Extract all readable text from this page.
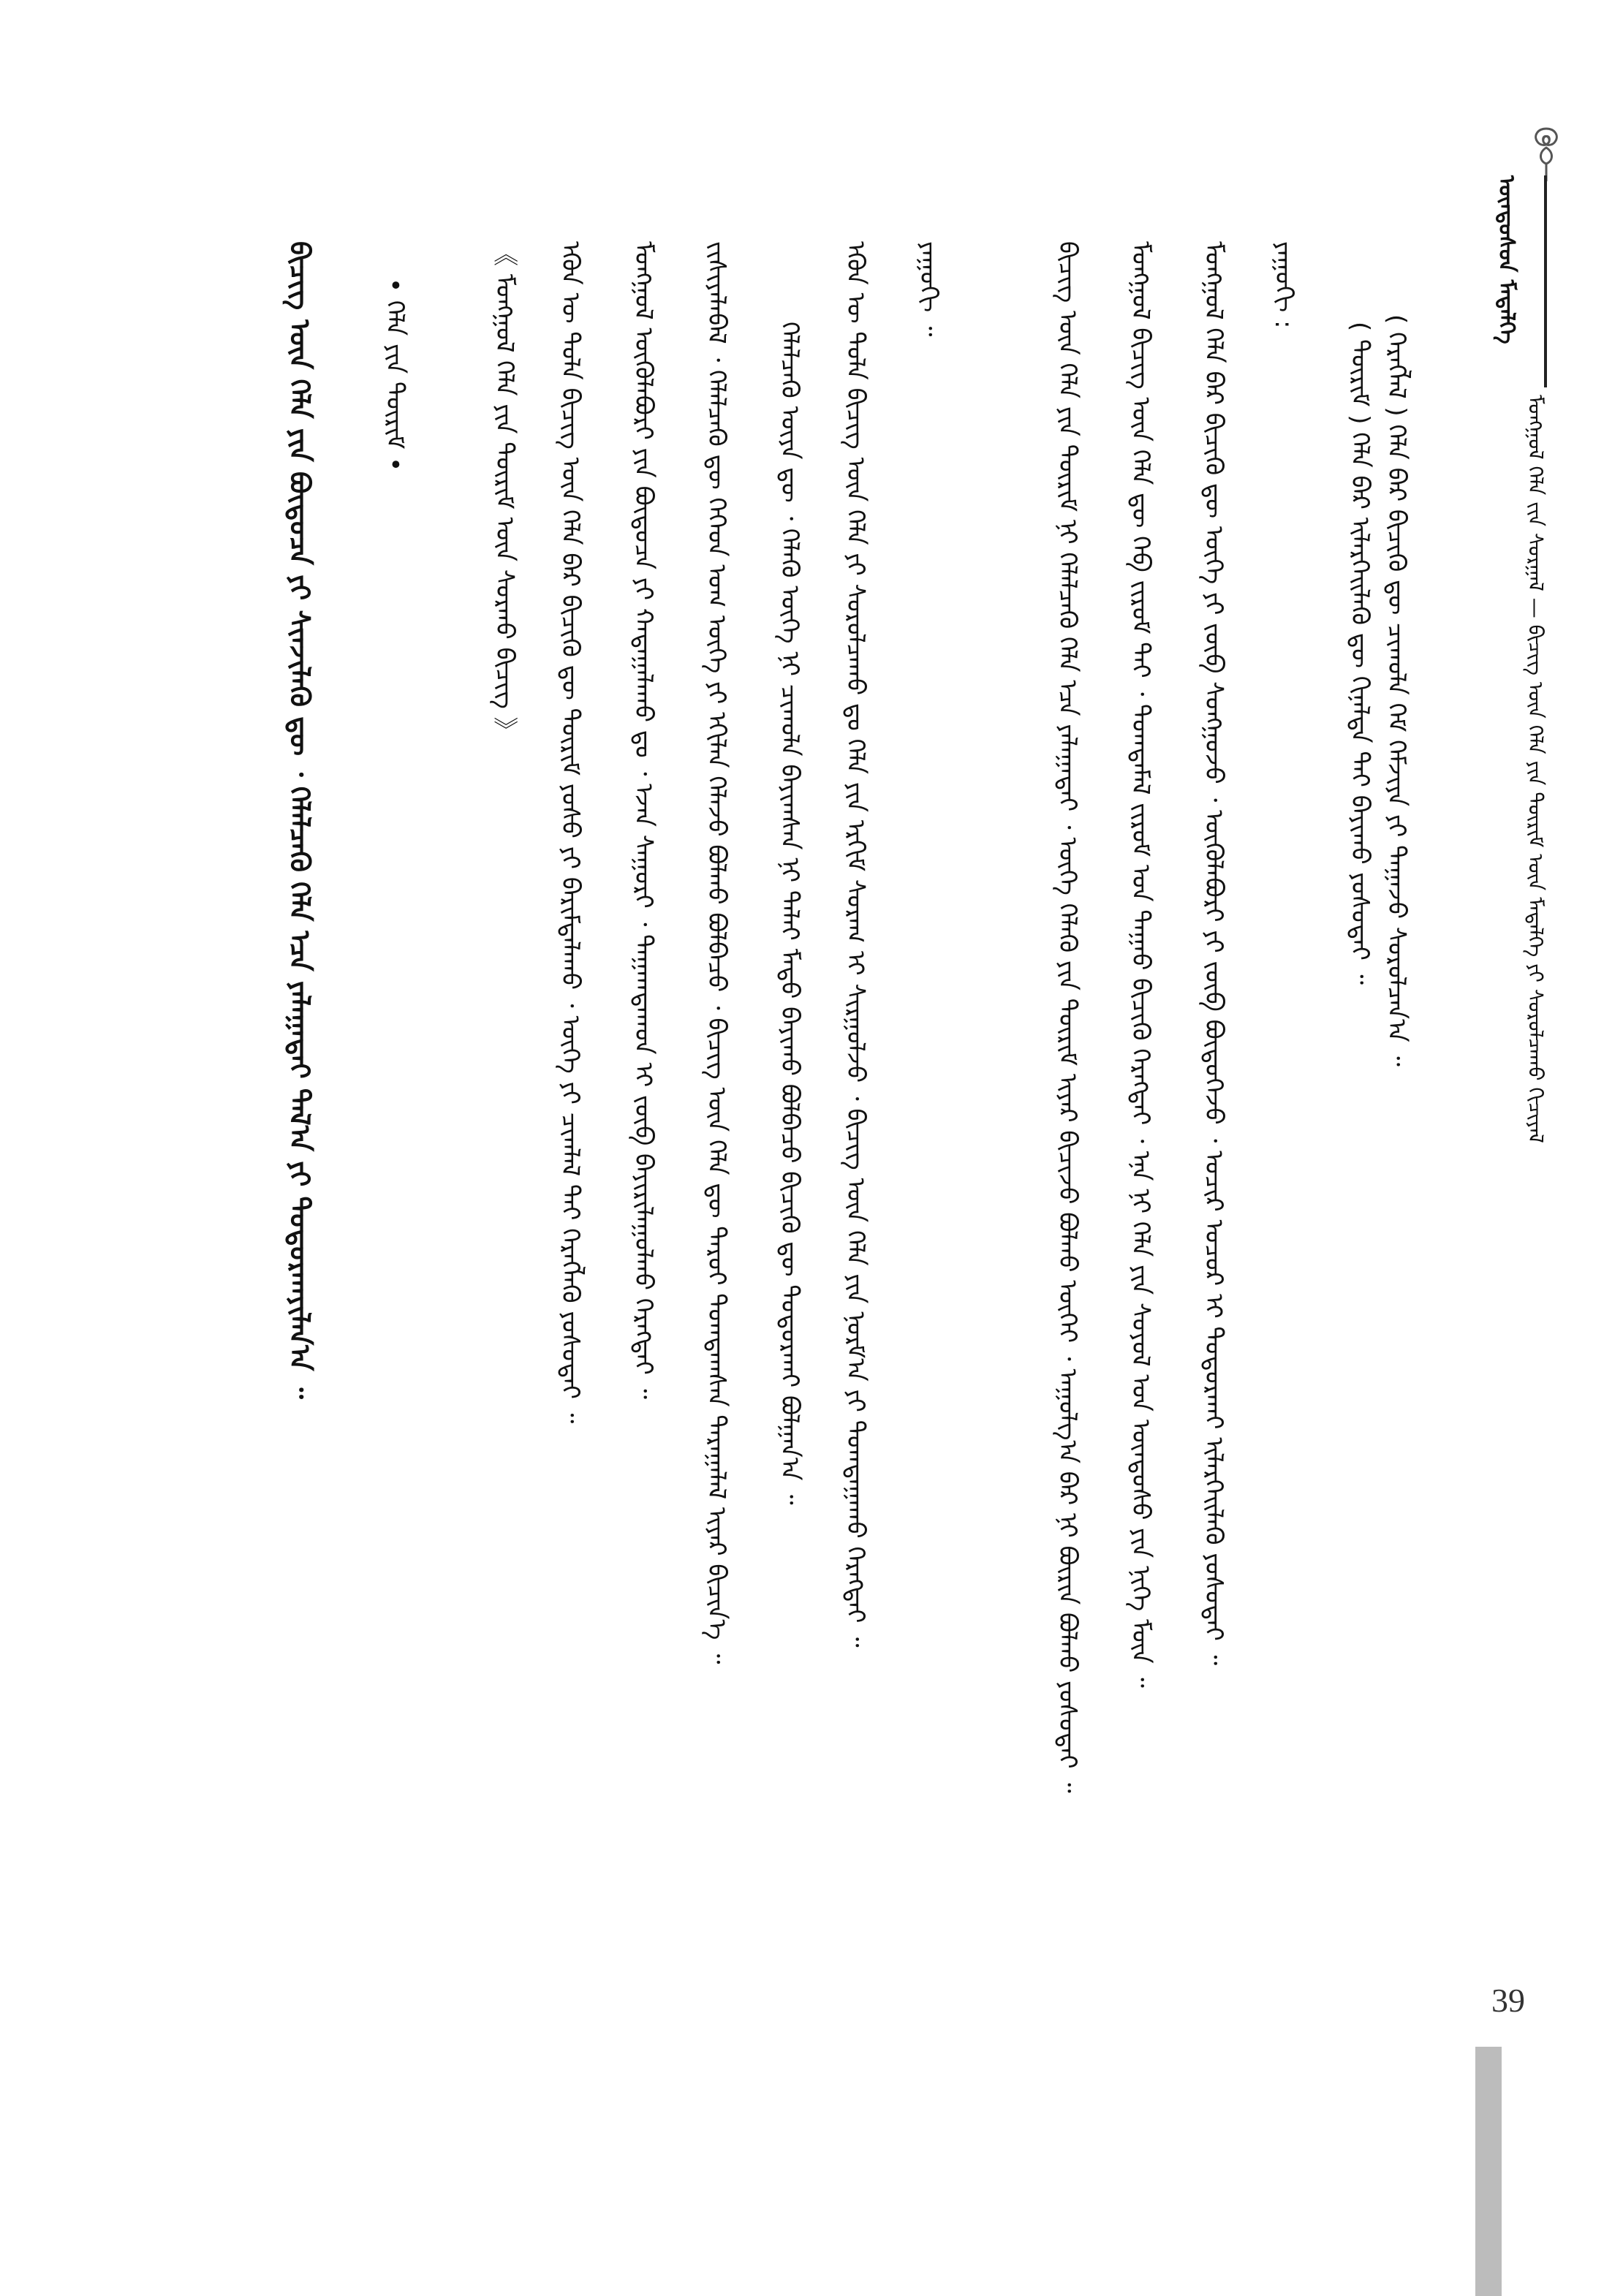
ᠮᠣᠩᠭᠣᠯ ᠬᠡᠯᠡ ᠵᠢᠨ ᠰᠤᠷᠭᠠᠯ — ᠪᠢᠴᠢᠭ ᠦᠨ ᠬᠡᠯᠡ ᠶᠢᠨ ᠳᠦᠷᠢᠮ ᠦᠨ ᠮᠡᠳᠡᠯᠭᠡ ᠶᠢ ᠰᠤᠷᠤᠯᠴᠠᠬᠤ ᠬᠢᠴᠢᠶᠡᠯ
ᠦᠨᠳᠦᠰᠦᠨ ᠮᠡᠳᠡᠯᠭᠡ
( ᠬᠡᠷᠡᠭᠯᠡᠯ ) ᠬᠡᠯᠡ ᠪᠡᠷ ᠪᠢᠴᠢᠬᠦ ᠳᠦ ᠴᠢᠬᠤᠯᠠ ᠬᠡᠮ ᠬᠡᠮᠵᠢᠶᠡ ᠶᠢ ᠳᠠᠭᠠᠵᠤ ᠰᠤᠷᠤᠯᠴᠠᠨ᠎ᠠ ᠃
( ᠳᠦᠷᠢᠮ ) ᠬᠡᠯᠡ ᠪᠡᠷ ᠢᠯᠡᠷᠬᠡᠢᠯᠡᠬᠦ ᠳᠦ ᠬᠢᠨᠠᠯᠲᠠ ᠲᠠᠢ ᠪᠠᠶᠢᠬᠤ ᠶᠤᠰᠤᠲᠠᠢ ᠃
ᠶᠠᠭᠤᠬᠢ :
ᠮᠣᠩᠭᠣᠯ ᠬᠡᠯᠡ ᠪᠠᠷ ᠪᠢᠴᠢᠬᠦ ᠳᠦ ᠦᠭᠡ ᠶᠢ ᠵᠥᠪ ᠰᠣᠩᠭᠣᠵᠤ ᠂ ᠦᠭᠦᠯᠡᠪᠦᠷᠢ ᠶᠢ ᠵᠥᠪ ᠪᠦᠲᠦᠭᠡᠵᠦ ᠂ ᠤᠴᠢᠷ ᠤᠴᠤᠷ ᠢ ᠲᠣᠳᠣᠷᠬᠠᠢ ᠢᠯᠡᠷᠬᠡᠢᠯᠡᠬᠦ ᠶᠤᠰᠤᠲᠠᠢ ᠃
ᠮᠣᠩᠭᠣᠯ ᠪᠢᠴᠢᠭ ᠦᠨ ᠬᠡᠯᠡ ᠳᠦ ᠬᠡᠪ ᠵᠢᠷᠤᠮ ᠲᠠᠢ ᠂ ᠲᠣᠭᠲᠠᠮᠠᠯ ᠵᠢᠷᠤᠮ ᠤᠨ ᠳᠠᠭᠠᠤ ᠪᠢᠴᠢᠬᠦ ᠬᠡᠷᠡᠭᠲᠡᠢ ᠂ ᠡᠨᠡ ᠨᠢ ᠬᠡᠯᠡ ᠶᠢᠨ ᠰᠣᠶᠣᠯ ᠤᠨ ᠦᠨᠳᠦᠰᠦ ᠶᠢᠨ ᠨᠢᠭᠡ ᠮᠥᠨ ᠃
ᠪᠢᠴᠢᠭ ᠦᠨ ᠬᠡᠯᠡ ᠶᠢᠨ ᠳᠦᠷᠢᠮ ᠨᠢ ᠬᠡᠯᠡᠯᠴᠡᠬᠦ ᠬᠡᠯᠡ ᠡᠴᠡ ᠶᠠᠯᠠᠭᠠᠲᠠᠢ ᠂ ᠦᠭᠡ ᠬᠡᠯᠡᠬᠦ ᠶᠢᠨ ᠳᠦᠷᠢᠮ ᠢᠶᠡᠷ ᠪᠢᠴᠢᠵᠦ ᠪᠣᠯᠬᠤ ᠦᠭᠡᠢ ᠂ ᠠᠭᠤᠯᠭ᠎ᠠ ᠪᠠᠷ ᠨᠢ ᠪᠦᠷᠢᠨ ᠪᠣᠯᠬᠤ ᠶᠤᠰᠤᠲᠠᠢ ᠃
ᠶᠠᠭᠤᠬᠢ ᠃
ᠡᠭᠦᠨ ᠦ ᠲᠤᠯᠠ ᠪᠢᠴᠢᠭ ᠦᠨ ᠬᠡᠯᠡ ᠶᠢ ᠰᠤᠷᠤᠯᠴᠠᠬᠤ ᠳᠤ ᠬᠡᠯᠡ ᠶᠢᠨ ᠡᠷᠬᠢᠮ ᠰᠤᠷᠠᠭ ᠢ ᠰᠢᠷᠭᠤᠯᠵᠤ ᠂ ᠪᠢᠴᠢᠭ ᠦᠨ ᠬᠡᠯᠡ ᠶᠢᠨ ᠨᠣᠷᠮ᠎ᠠ ᠶᠢ ᠲᠣᠭᠲᠠᠭᠠᠬᠤ ᠬᠡᠷᠡᠭᠲᠡᠢ ᠃
ᠬᠡᠯᠡᠯᠴᠡᠬᠦ ᠦᠶᠡ ᠳᠦ ᠂ ᠬᠡᠯᠡᠬᠦ ᠦᠭᠡ ᠨᠢ ᠴᠢᠬᠤᠯᠠ ᠪᠠᠶᠢᠭᠰᠠᠨ ᠨᠢ ᠳᠠᠯᠠᠢ ᠮᠡᠲᠦ ᠪᠠᠶᠢᠬᠤ ᠪᠣᠯᠪᠠᠴᠤ ᠪᠢᠴᠢᠬᠦ ᠳᠦ ᠲᠣᠳᠣᠷᠬᠠᠢ ᠪᠣᠯᠭᠠᠨ᠎ᠠ ᠃
ᠵᠢᠱᠢᠶᠡᠯᠡᠪᠡᠯ ᠂ ᠬᠡᠯᠡᠯᠴᠡᠬᠦ ᠳᠦ ᠬᠡᠬᠡᠳ ᠤᠭ ᠦᠭᠡ ᠶᠢ ᠡᠬᠢᠯᠡᠨ ᠬᠡᠯᠡᠵᠦ ᠪᠣᠯᠬᠤ ᠪᠣᠯᠪᠠᠴᠤ ᠂ ᠪᠢᠴᠢᠭ ᠦᠨ ᠬᠡᠯᠡ ᠳᠦ ᠳᠠᠷᠤᠢ ᠲᠣᠭᠲᠠᠭᠰᠠᠨ ᠳᠠᠷᠠᠭᠠᠯᠠᠯ ᠢᠶᠡᠷ ᠪᠢᠴᠢᠨ᠎ᠡ ᠃
ᠮᠣᠩᠭᠣᠯ ᠦᠭᠦᠯᠡᠪᠦᠷᠢ ᠶᠢᠨ ᠪᠦᠲᠦᠴᠡ ᠶᠢ ᠬᠠᠳᠠᠭᠠᠯᠠᠬᠤ ᠳᠤ ᠂ ᠡᠵᠡᠨ ᠰᠠᠭᠤᠷᠢ ᠂ ᠲᠠᠭᠠᠭᠳᠠᠬᠤᠨ ᠢ ᠵᠥᠪ ᠪᠠᠶᠢᠷᠢᠯᠠᠭᠤᠯᠬᠤ ᠬᠡᠷᠡᠭᠲᠡᠢ ᠃
ᠡᠭᠦᠨ ᠦ ᠲᠤᠯᠠ ᠪᠢᠴᠢᠭ ᠦᠨ ᠬᠡᠯᠡ ᠪᠡᠷ ᠪᠢᠴᠢᠬᠦ ᠳᠦ ᠳᠦᠷᠢᠮ ᠶᠣᠰᠣ ᠶᠢ ᠪᠠᠷᠢᠮᠲᠠᠯᠠᠬᠤ ᠂ ᠦᠭᠡ ᠶᠢ ᠴᠢᠭᠯᠠᠯ ᠲᠠᠢ ᠬᠡᠷᠡᠭᠯᠡᠬᠦ ᠶᠤᠰᠤᠲᠠᠢ ᠃
《 ᠮᠣᠩᠭᠣᠯ ᠬᠡᠯᠡ ᠶᠢᠨ ᠳᠦᠷᠢᠮ ᠦᠨ ᠰᠤᠷᠬᠤ ᠪᠢᠴᠢᠭ 》
• ᠬᠡᠯᠡ ᠶᠢᠨ ᠳᠦᠷᠢᠮ •
ᠪᠢᠴᠢᠭ ᠦᠨ ᠬᠡᠯᠡ ᠶᠢᠨ ᠪᠦᠲᠦᠴᠡ ᠶᠢ ᠰᠢᠨᠵᠢᠯᠡᠬᠦ ᠳᠦ ᠂ ᠬᠡᠯᠡᠯᠴᠡᠬᠦ ᠬᠡᠯᠡ ᠡᠴᠡ ᠶᠠᠯᠠᠭᠠᠲᠠᠢ ᠲᠠᠯ᠎ᠠ ᠶᠢ ᠲᠣᠳᠣᠷᠬᠠᠶᠢᠯᠠᠨ᠎ᠠ ᠃
39
